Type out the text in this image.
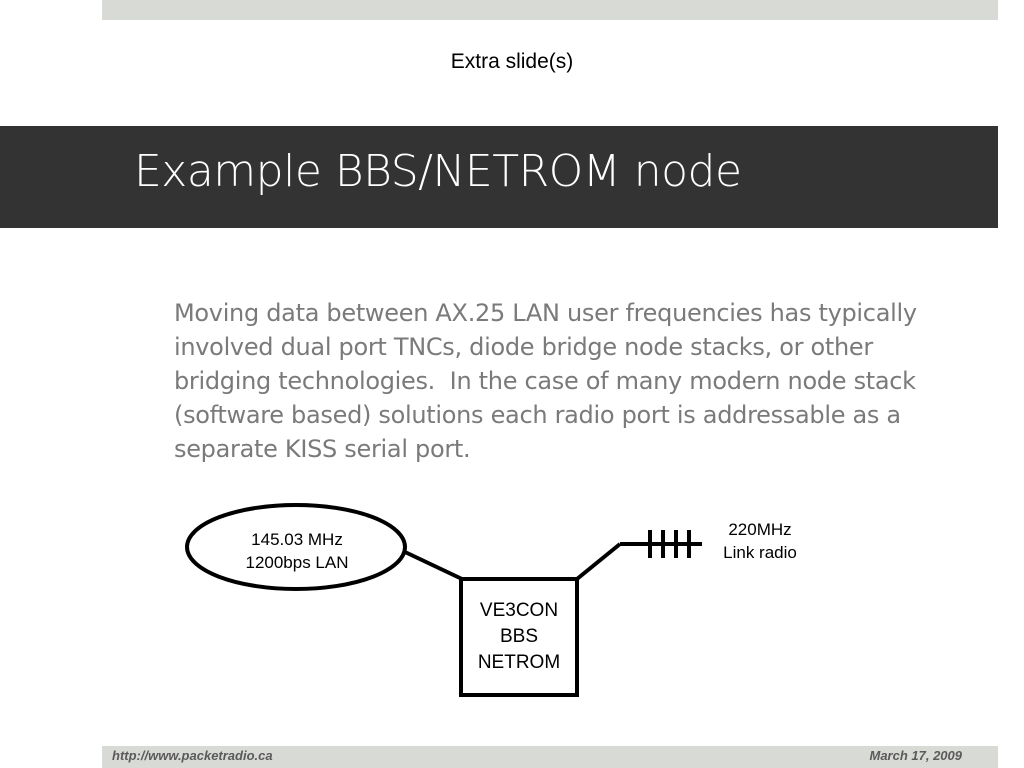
Extra slide(s)
Example BBS/NETROM node
Moving data between AX.25 LAN user frequencies has typically involved dual port TNCs, diode bridge node stacks, or other bridging technologies.  In the case of many modern node stack (software based) solutions each radio port is addressable as a separate KISS serial port.
145.03 MHz
1200bps LAN
VE3CON
BBS
NETROM
220MHz
Link radio
http://www.packetradio.ca	March 17, 2009
